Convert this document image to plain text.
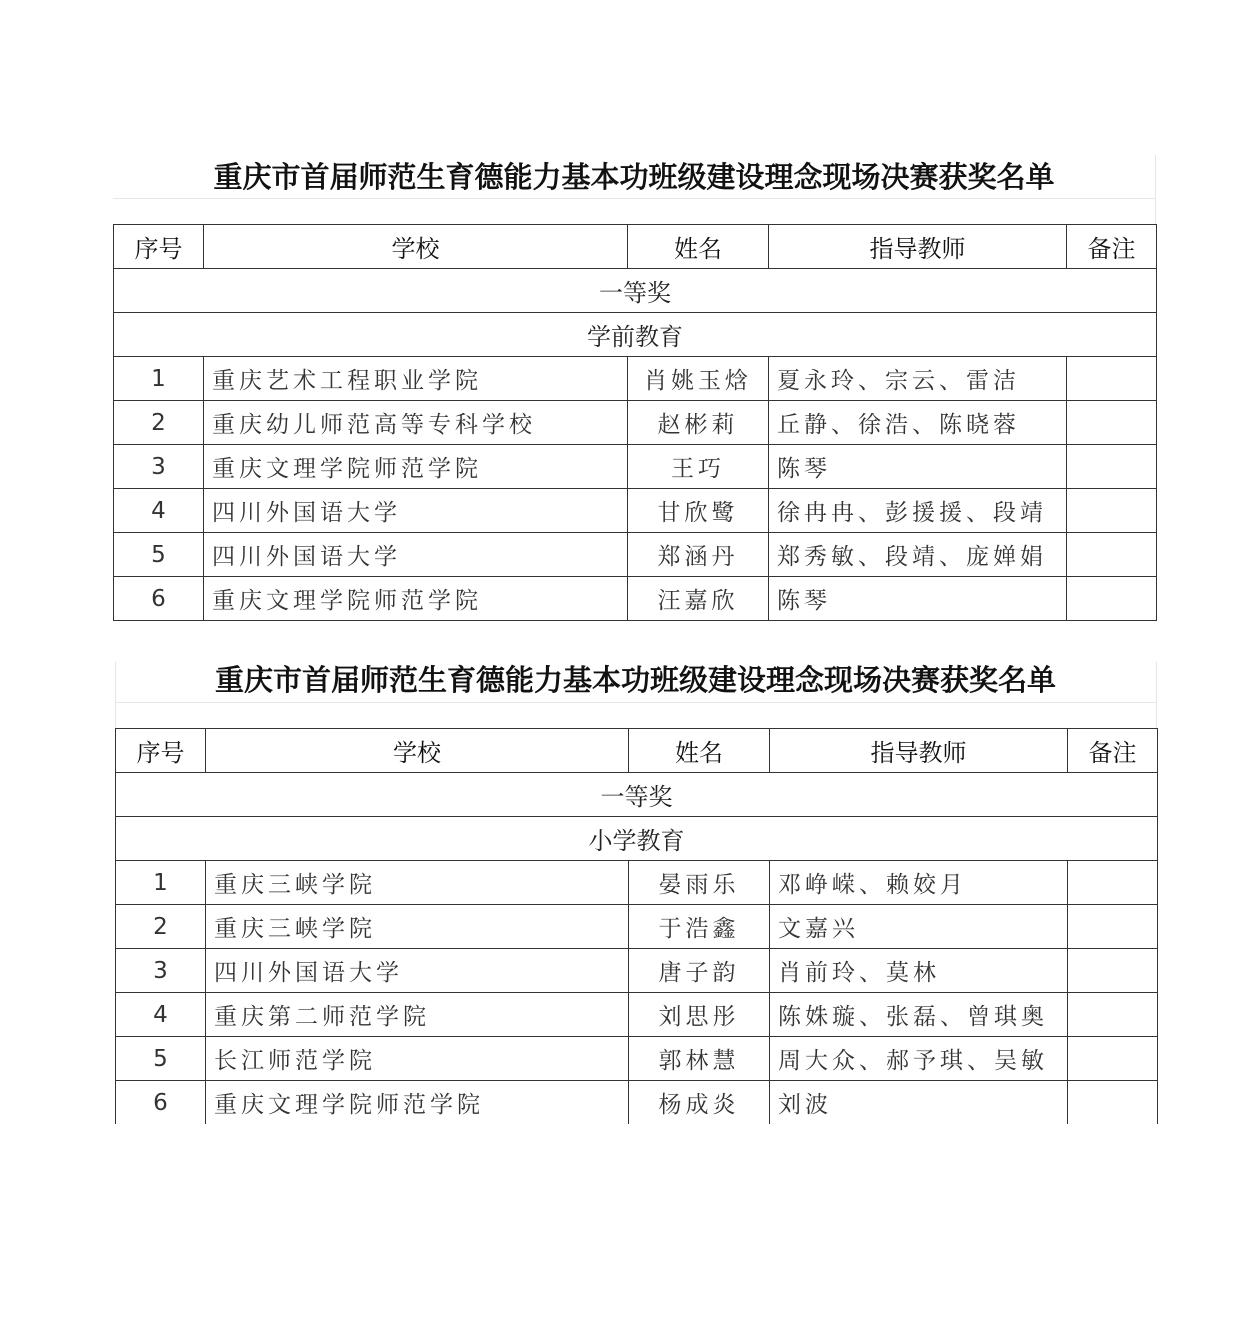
重庆市首届师范生育德能力基本功班级建设理念现场决赛获奖名单
序号	学校	姓名	指导教师	备注
一等奖				
学前教育				
1	重庆艺术工程职业学院	肖姚玉焓	夏永玲、宗云、雷洁	
2	重庆幼儿师范高等专科学校	赵彬莉	丘静、徐浩、陈晓蓉	
3	重庆文理学院师范学院	王巧	陈琴	
4	四川外国语大学	甘欣鹭	徐冉冉、彭援援、段靖	
5	四川外国语大学	郑涵丹	郑秀敏、段靖、庞婵娟	
6	重庆文理学院师范学院	汪嘉欣	陈琴	
重庆市首届师范生育德能力基本功班级建设理念现场决赛获奖名单
序号	学校	姓名	指导教师	备注
一等奖				
小学教育				
1	重庆三峡学院	晏雨乐	邓峥嵘、赖姣月	
2	重庆三峡学院	于浩鑫	文嘉兴	
3	四川外国语大学	唐子韵	肖前玲、莫林	
4	重庆第二师范学院	刘思彤	陈姝璇、张磊、曾琪奥	
5	长江师范学院	郭林慧	周大众、郝予琪、吴敏	
6	重庆文理学院师范学院	杨成炎	刘波	
